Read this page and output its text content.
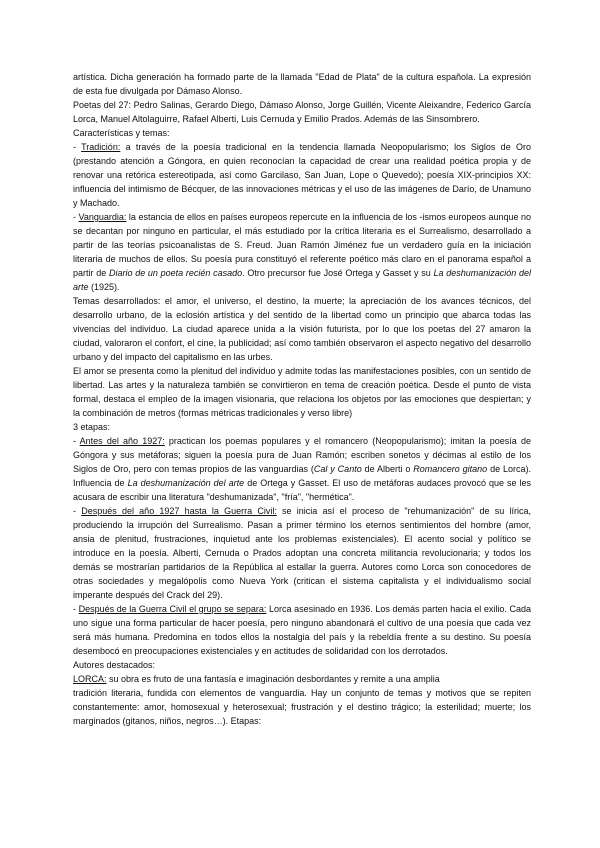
artística. Dicha generación ha formado parte de la llamada "Edad de Plata" de la cultura española. La expresión de esta fue divulgada por Dámaso Alonso.

Poetas del 27: Pedro Salinas, Gerardo Diego, Dámaso Alonso, Jorge Guillén, Vicente Aleixandre, Federico García Lorca, Manuel Altolaguirre, Rafael Alberti, Luis Cernuda y Emilio Prados. Además de las Sinsombrero.

Características y temas:

- Tradición: a través de la poesía tradicional en la tendencia llamada Neopopularismo; los Siglos de Oro (prestando atención a Góngora, en quien reconocían la capacidad de crear una realidad poética propia y de renovar una retórica estereotipada, así como Garcilaso, San Juan, Lope o Quevedo); poesía XIX-principios XX: influencia del intimismo de Bécquer, de las innovaciones métricas y el uso de las imágenes de Darío, de Unamuno y Machado.

- Vanguardia: la estancia de ellos en países europeos repercute en la influencia de los -ismos europeos aunque no se decantan por ninguno en particular, el más estudiado por la crítica literaria es el Surrealismo, desarrollado a partir de las teorías psicoanalistas de S. Freud. Juan Ramón Jiménez fue un verdadero guía en la iniciación literaria de muchos de ellos. Su poesía pura constituyó el referente poético más claro en el panorama español a partir de Diario de un poeta recién casado. Otro precursor fue José Ortega y Gasset y su La deshumanización del arte (1925).

Temas desarrollados: el amor, el universo, el destino, la muerte; la apreciación de los avances técnicos, del desarrollo urbano, de la eclosión artística y del sentido de la libertad como un principio que abarca todas las vivencias del individuo. La ciudad aparece unida a la visión futurista, por lo que los poetas del 27 amaron la ciudad, valoraron el confort, el cine, la publicidad; así como también observaron el aspecto negativo del desarrollo urbano y del impacto del capitalismo en las urbes.

El amor se presenta como la plenitud del individuo y admite todas las manifestaciones posibles, con un sentido de libertad. Las artes y la naturaleza también se convirtieron en tema de creación poética. Desde el punto de vista formal, destaca el empleo de la imagen visionaria, que relaciona los objetos por las emociones que despiertan; y la combinación de metros (formas métricas tradicionales y verso libre)

3 etapas:

- Antes del año 1927: practican los poemas populares y el romancero (Neopopularismo); imitan la poesía de Góngora y sus metáforas; siguen la poesía pura de Juan Ramón; escriben sonetos y décimas al estilo de los Siglos de Oro, pero con temas propios de las vanguardias (Cal y Canto de Alberti o Romancero gitano de Lorca). Influencia de La deshumanización del arte de Ortega y Gasset. El uso de metáforas audaces provocó que se les acusara de escribir una literatura "deshumanizada", "fría", "hermética".

- Después del año 1927 hasta la Guerra Civil: se inicia así el proceso de "rehumanización" de su lírica, produciendo la irrupción del Surrealismo. Pasan a primer término los eternos sentimientos del hombre (amor, ansia de plenitud, frustraciones, inquietud ante los problemas existenciales). El acento social y político se introduce en la poesía. Alberti, Cernuda o Prados adoptan una concreta militancia revolucionaria; y todos los demás se mostrarían partidarios de la República al estallar la guerra. Autores como Lorca son conocedores de otras sociedades y megalópolis como Nueva York (critican el sistema capitalista y el individualismo social imperante después del Crack del 29).

- Después de la Guerra Civil el grupo se separa: Lorca asesinado en 1936. Los demás parten hacia el exilio. Cada uno sigue una forma particular de hacer poesía, pero ninguno abandonará el cultivo de una poesía que cada vez será más humana. Predomina en todos ellos la nostalgia del país y la rebeldía frente a su destino. Su poesía desembocó en preocupaciones existenciales y en actitudes de solidaridad con los derrotados.

Autores destacados:

LORCA: su obra es fruto de una fantasía e imaginación desbordantes y remite a una amplia

tradición literaria, fundida con elementos de vanguardia. Hay un conjunto de temas y motivos que se repiten constantemente: amor, homosexual y heterosexual; frustración y el destino trágico; la esterilidad; muerte; los marginados (gitanos, niños, negros…). Etapas:
